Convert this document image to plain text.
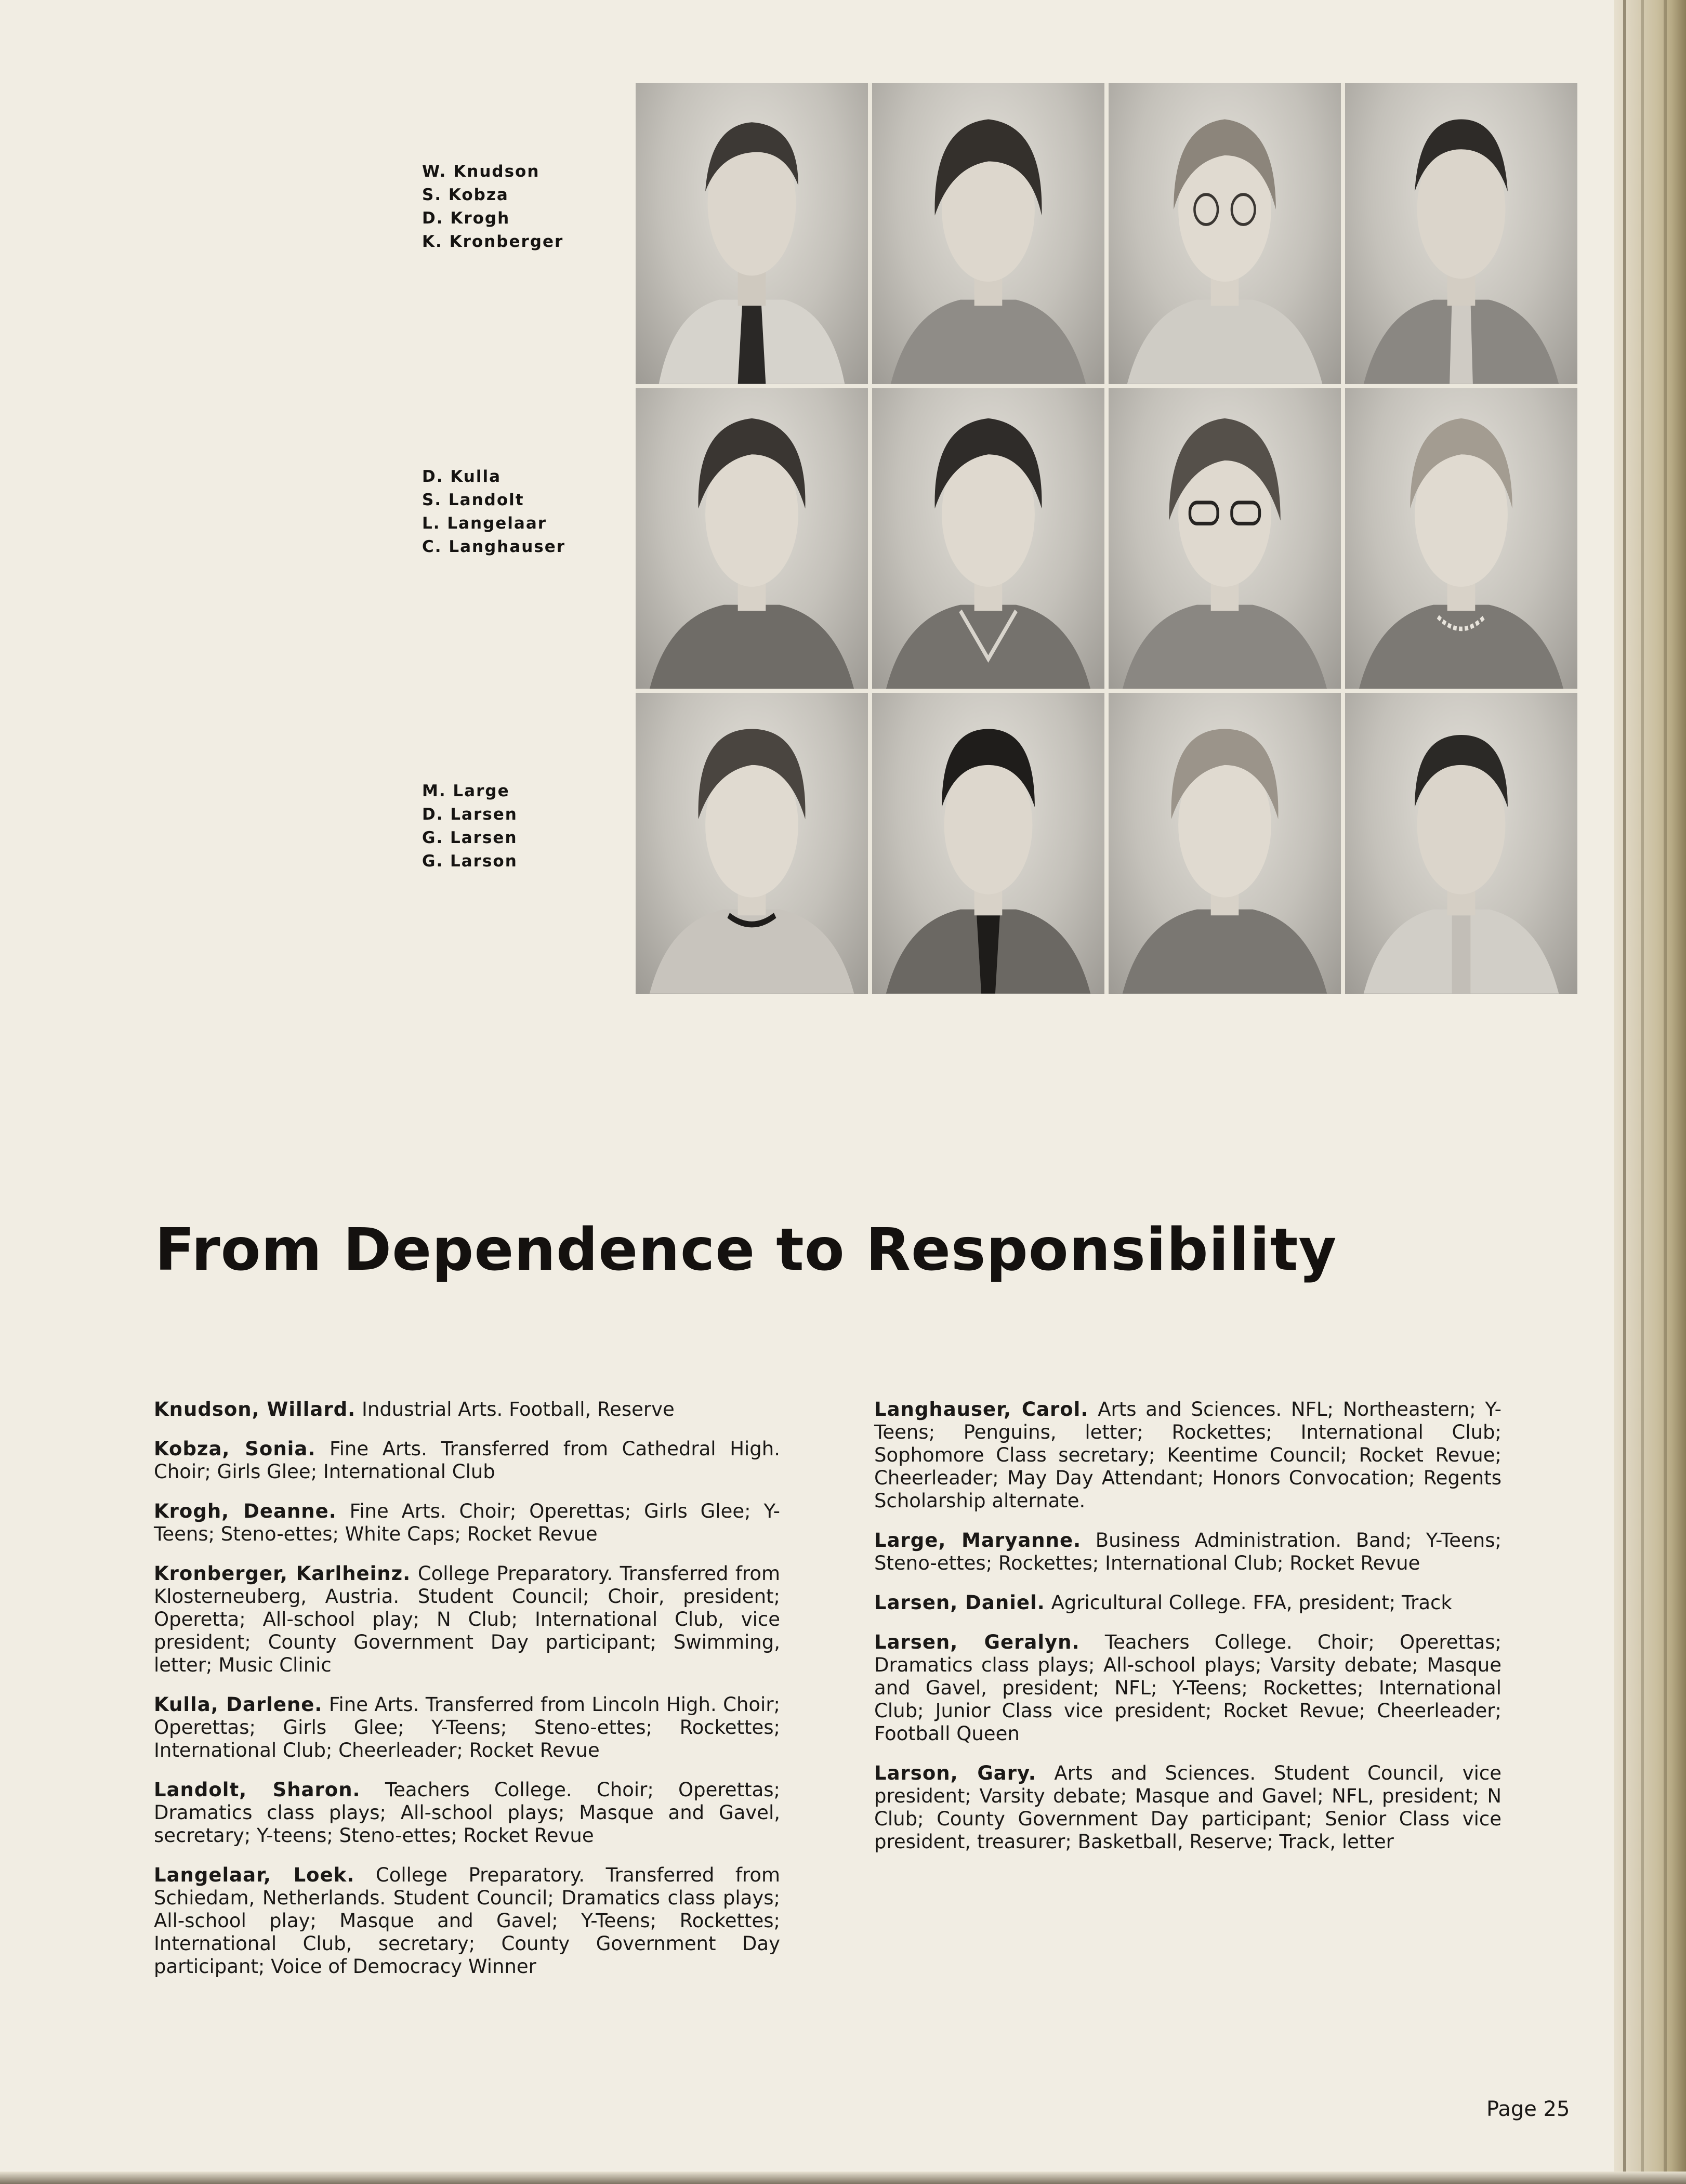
W. Knudson
S. Kobza
D. Krogh
K. Kronberger
D. Kulla
S. Landolt
L. Langelaar
C. Langhauser
M. Large
D. Larsen
G. Larsen
G. Larson
From Dependence to Responsibility

Knudson, Willard. Industrial Arts. Football, Reserve

Kobza, Sonia. Fine Arts. Transferred from Cathedral High. Choir; Girls Glee; International Club

Krogh, Deanne. Fine Arts. Choir; Operettas; Girls Glee; Y-Teens; Steno-ettes; White Caps; Rocket Revue

Kronberger, Karlheinz. College Preparatory. Transferred from Klosterneuberg, Austria. Student Council; Choir, president; Operetta; All-school play; N Club; International Club, vice president; County Government Day participant; Swimming, letter; Music Clinic

Kulla, Darlene. Fine Arts. Transferred from Lincoln High. Choir; Operettas; Girls Glee; Y-Teens; Steno-ettes; Rockettes; International Club; Cheerleader; Rocket Revue

Landolt, Sharon. Teachers College. Choir; Operettas; Dramatics class plays; All-school plays; Masque and Gavel, secretary; Y-teens; Steno-ettes; Rocket Revue

Langelaar, Loek. College Preparatory. Transferred from Schiedam, Netherlands. Student Council; Dramatics class plays; All-school play; Masque and Gavel; Y-Teens; Rockettes; International Club, secretary; County Government Day participant; Voice of Democracy Winner

Langhauser, Carol. Arts and Sciences. NFL; Northeastern; Y-Teens; Penguins, letter; Rockettes; International Club; Sophomore Class secretary; Keentime Council; Rocket Revue; Cheerleader; May Day Attendant; Honors Convocation; Regents Scholarship alternate.

Large, Maryanne. Business Administration. Band; Y-Teens; Steno-ettes; Rockettes; International Club; Rocket Revue

Larsen, Daniel. Agricultural College. FFA, president; Track

Larsen, Geralyn. Teachers College. Choir; Operettas; Dramatics class plays; All-school plays; Varsity debate; Masque and Gavel, president; NFL; Y-Teens; Rockettes; International Club; Junior Class vice president; Rocket Revue; Cheerleader; Football Queen

Larson, Gary. Arts and Sciences. Student Council, vice president; Varsity debate; Masque and Gavel; NFL, president; N Club; County Government Day participant; Senior Class vice president, treasurer; Basketball, Reserve; Track, letter

Page 25
